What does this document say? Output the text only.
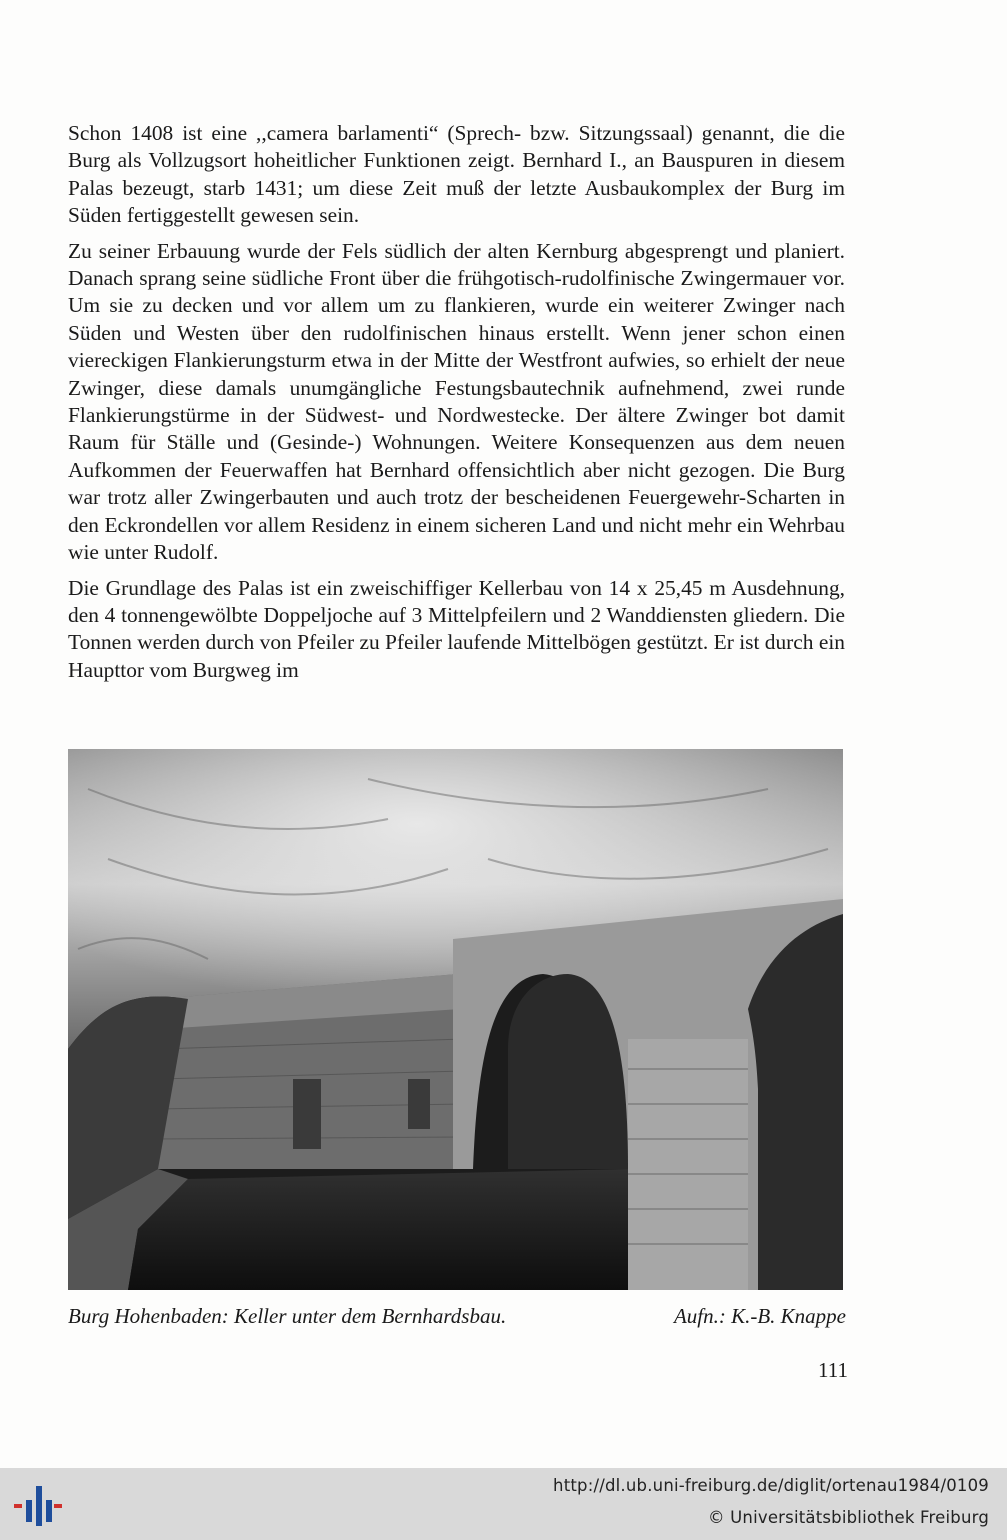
Schon 1408 ist eine ,,camera barlamenti“ (Sprech- bzw. Sitzungssaal) genannt, die die Burg als Vollzugsort hoheitlicher Funktionen zeigt. Bernhard I., an Bauspuren in diesem Palas bezeugt, starb 1431; um diese Zeit muß der letzte Ausbaukomplex der Burg im Süden fertiggestellt gewesen sein.

Zu seiner Erbauung wurde der Fels südlich der alten Kernburg abgesprengt und planiert. Danach sprang seine südliche Front über die frühgotisch-rudolfinische Zwingermauer vor. Um sie zu decken und vor allem um zu flankieren, wurde ein weiterer Zwinger nach Süden und Westen über den rudolfinischen hinaus erstellt. Wenn jener schon einen viereckigen Flankierungsturm etwa in der Mitte der Westfront aufwies, so erhielt der neue Zwinger, diese damals unumgängliche Festungsbautechnik aufnehmend, zwei runde Flankierungstürme in der Südwest- und Nordwestecke. Der ältere Zwinger bot damit Raum für Ställe und (Gesinde-) Wohnungen. Weitere Konsequenzen aus dem neuen Aufkommen der Feuerwaffen hat Bernhard offensichtlich aber nicht gezogen. Die Burg war trotz aller Zwingerbauten und auch trotz der bescheidenen Feuergewehr-Scharten in den Eckrondellen vor allem Residenz in einem sicheren Land und nicht mehr ein Wehrbau wie unter Rudolf.

Die Grundlage des Palas ist ein zweischiffiger Kellerbau von 14 x 25,45 m Ausdehnung, den 4 tonnengewölbte Doppeljoche auf 3 Mittelpfeilern und 2 Wanddiensten gliedern. Die Tonnen werden durch von Pfeiler zu Pfeiler laufende Mittelbögen gestützt. Er ist durch ein Haupttor vom Burgweg im

Burg Hohenbaden: Keller unter dem Bernhardsbau.	Aufn.: K.-B. Knappe
111
http://dl.ub.uni-freiburg.de/diglit/ortenau1984/0109
© Universitätsbibliothek Freiburg
